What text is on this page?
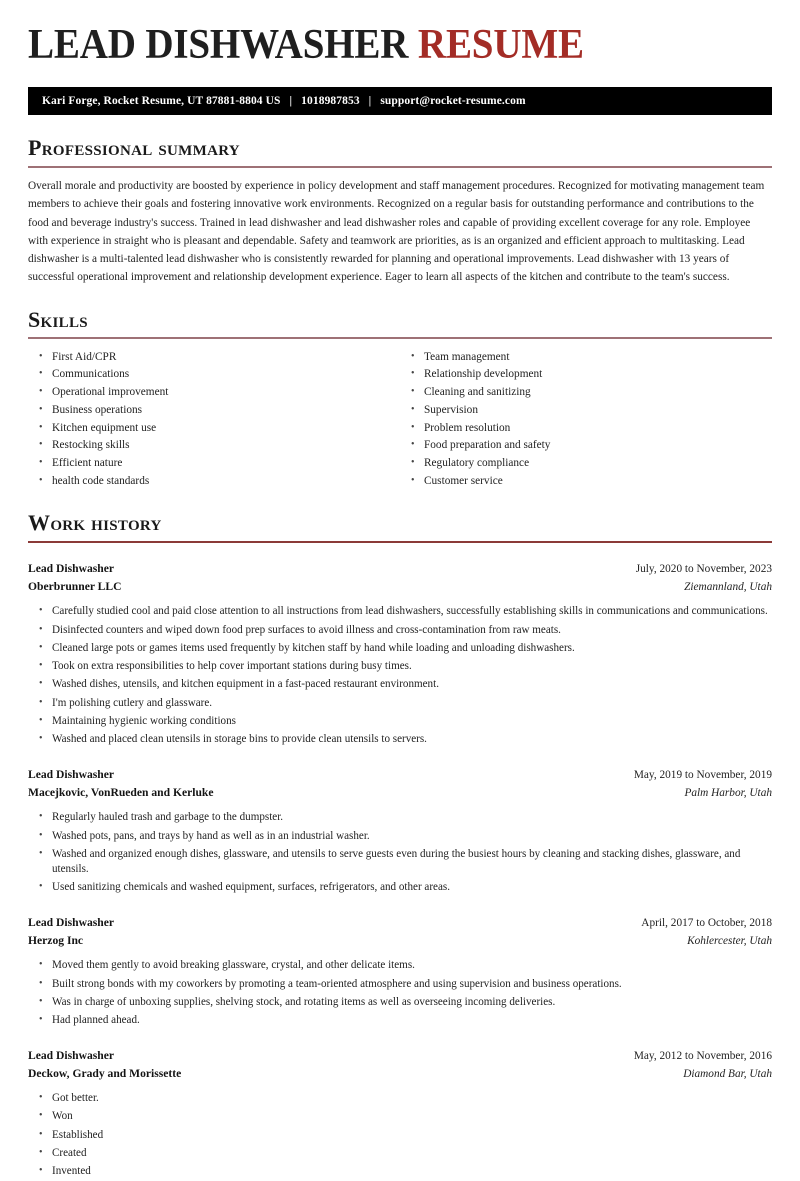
LEAD DISHWASHER RESUME
Kari Forge, Rocket Resume, UT 87881-8804 US | 1018987853 | support@rocket-resume.com
Professional summary

Overall morale and productivity are boosted by experience in policy development and staff management procedures. Recognized for motivating management team members to achieve their goals and fostering innovative work environments. Recognized on a regular basis for outstanding performance and contributions to the food and beverage industry's success. Trained in lead dishwasher and lead dishwasher roles and capable of providing excellent coverage for any role. Employee with experience in straight who is pleasant and dependable. Safety and teamwork are priorities, as is an organized and efficient approach to multitasking. Lead dishwasher is a multi-talented lead dishwasher who is consistently rewarded for planning and operational improvements. Lead dishwasher with 13 years of successful operational improvement and relationship development experience. Eager to learn all aspects of the kitchen and contribute to the team's success.

Skills
• First Aid/CPR
• Communications
• Operational improvement
• Business operations
• Kitchen equipment use
• Restocking skills
• Efficient nature
• health code standards
• Team management
• Relationship development
• Cleaning and sanitizing
• Supervision
• Problem resolution
• Food preparation and safety
• Regulatory compliance
• Customer service
Work history
Lead Dishwasher	July, 2020 to November, 2023
Oberbrunner LLC	Ziemannland, Utah
• Carefully studied cool and paid close attention to all instructions from lead dishwashers, successfully establishing skills in communications and communications.
• Disinfected counters and wiped down food prep surfaces to avoid illness and cross-contamination from raw meats.
• Cleaned large pots or games items used frequently by kitchen staff by hand while loading and unloading dishwashers.
• Took on extra responsibilities to help cover important stations during busy times.
• Washed dishes, utensils, and kitchen equipment in a fast-paced restaurant environment.
• I'm polishing cutlery and glassware.
• Maintaining hygienic working conditions
• Washed and placed clean utensils in storage bins to provide clean utensils to servers.
Lead Dishwasher	May, 2019 to November, 2019
Macejkovic, VonRueden and Kerluke	Palm Harbor, Utah
• Regularly hauled trash and garbage to the dumpster.
• Washed pots, pans, and trays by hand as well as in an industrial washer.
• Washed and organized enough dishes, glassware, and utensils to serve guests even during the busiest hours by cleaning and stacking dishes, glassware, and utensils.
• Used sanitizing chemicals and washed equipment, surfaces, refrigerators, and other areas.
Lead Dishwasher	April, 2017 to October, 2018
Herzog Inc	Kohlercester, Utah
• Moved them gently to avoid breaking glassware, crystal, and other delicate items.
• Built strong bonds with my coworkers by promoting a team-oriented atmosphere and using supervision and business operations.
• Was in charge of unboxing supplies, shelving stock, and rotating items as well as overseeing incoming deliveries.
• Had planned ahead.
Lead Dishwasher	May, 2012 to November, 2016
Deckow, Grady and Morissette	Diamond Bar, Utah
• Got better.
• Won
• Established
• Created
• Invented
